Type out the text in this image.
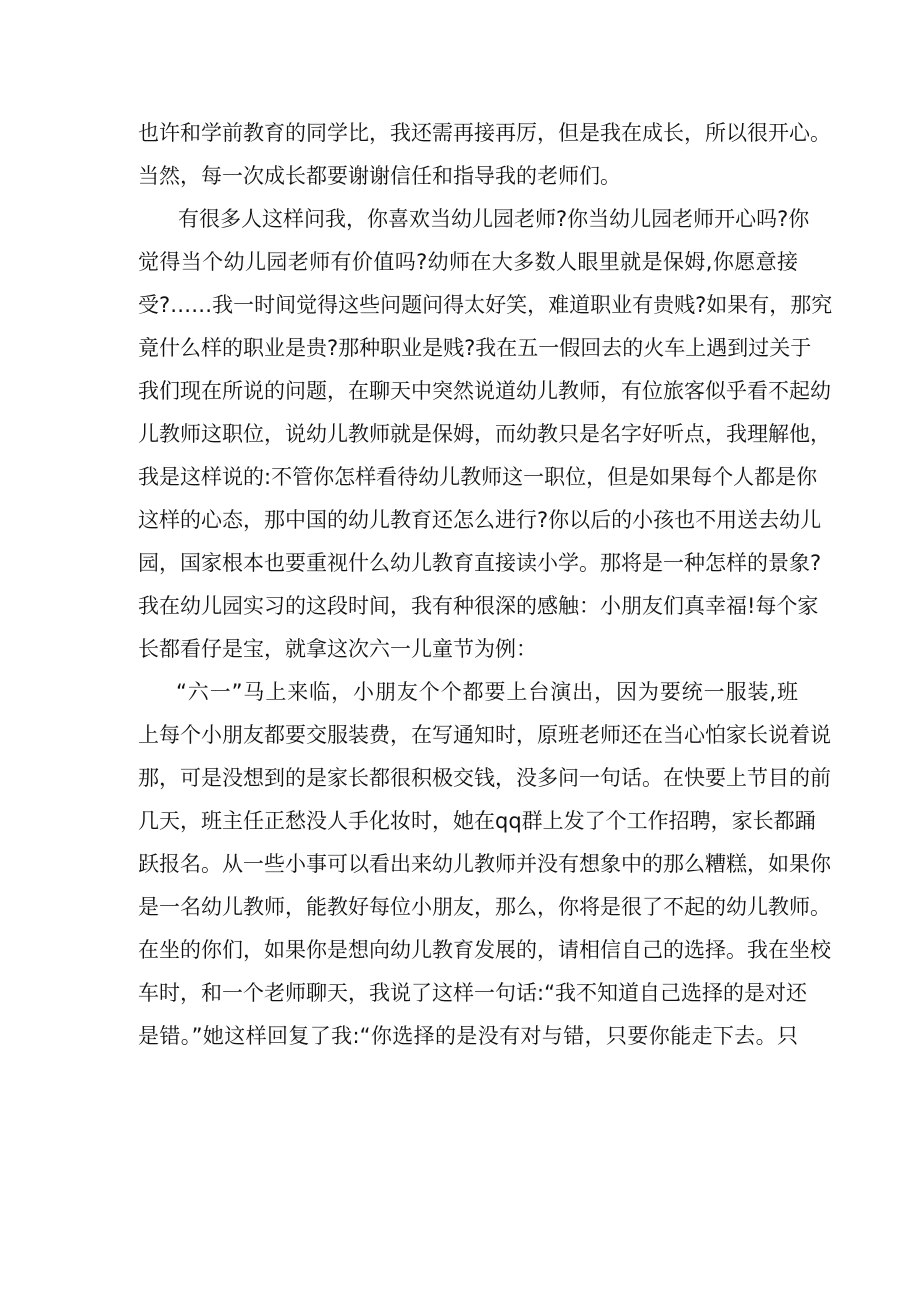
也许和学前教育的同学比，我还需再接再厉，但是我在成长，所以很开心。
当然，每一次成长都要谢谢信任和指导我的老师们。
有很多人这样问我，你喜欢当幼儿园老师?你当幼儿园老师开心吗?你
觉得当个幼儿园老师有价值吗?幼师在大多数人眼里就是保姆,你愿意接
受?……我一时间觉得这些问题问得太好笑，难道职业有贵贱?如果有，那究
竟什么样的职业是贵?那种职业是贱?我在五一假回去的火车上遇到过关于
我们现在所说的问题，在聊天中突然说道幼儿教师，有位旅客似乎看不起幼
儿教师这职位，说幼儿教师就是保姆，而幼教只是名字好听点，我理解他，
我是这样说的:不管你怎样看待幼儿教师这一职位，但是如果每个人都是你
这样的心态，那中国的幼儿教育还怎么进行?你以后的小孩也不用送去幼儿
园，国家根本也要重视什么幼儿教育直接读小学。那将是一种怎样的景象?
我在幼儿园实习的这段时间，我有种很深的感触：小朋友们真幸福!每个家
长都看仔是宝，就拿这次六一儿童节为例：
“六一”马上来临，小朋友个个都要上台演出，因为要统一服装,班
上每个小朋友都要交服装费，在写通知时，原班老师还在当心怕家长说着说
那，可是没想到的是家长都很积极交钱，没多问一句话。在快要上节目的前
几天，班主任正愁没人手化妆时，她在qq群上发了个工作招聘，家长都踊
跃报名。从一些小事可以看出来幼儿教师并没有想象中的那么糟糕，如果你
是一名幼儿教师，能教好每位小朋友，那么，你将是很了不起的幼儿教师。
在坐的你们，如果你是想向幼儿教育发展的，请相信自己的选择。我在坐校
车时，和一个老师聊天，我说了这样一句话:“我不知道自己选择的是对还
是错。”她这样回复了我:“你选择的是没有对与错，只要你能走下去。只
